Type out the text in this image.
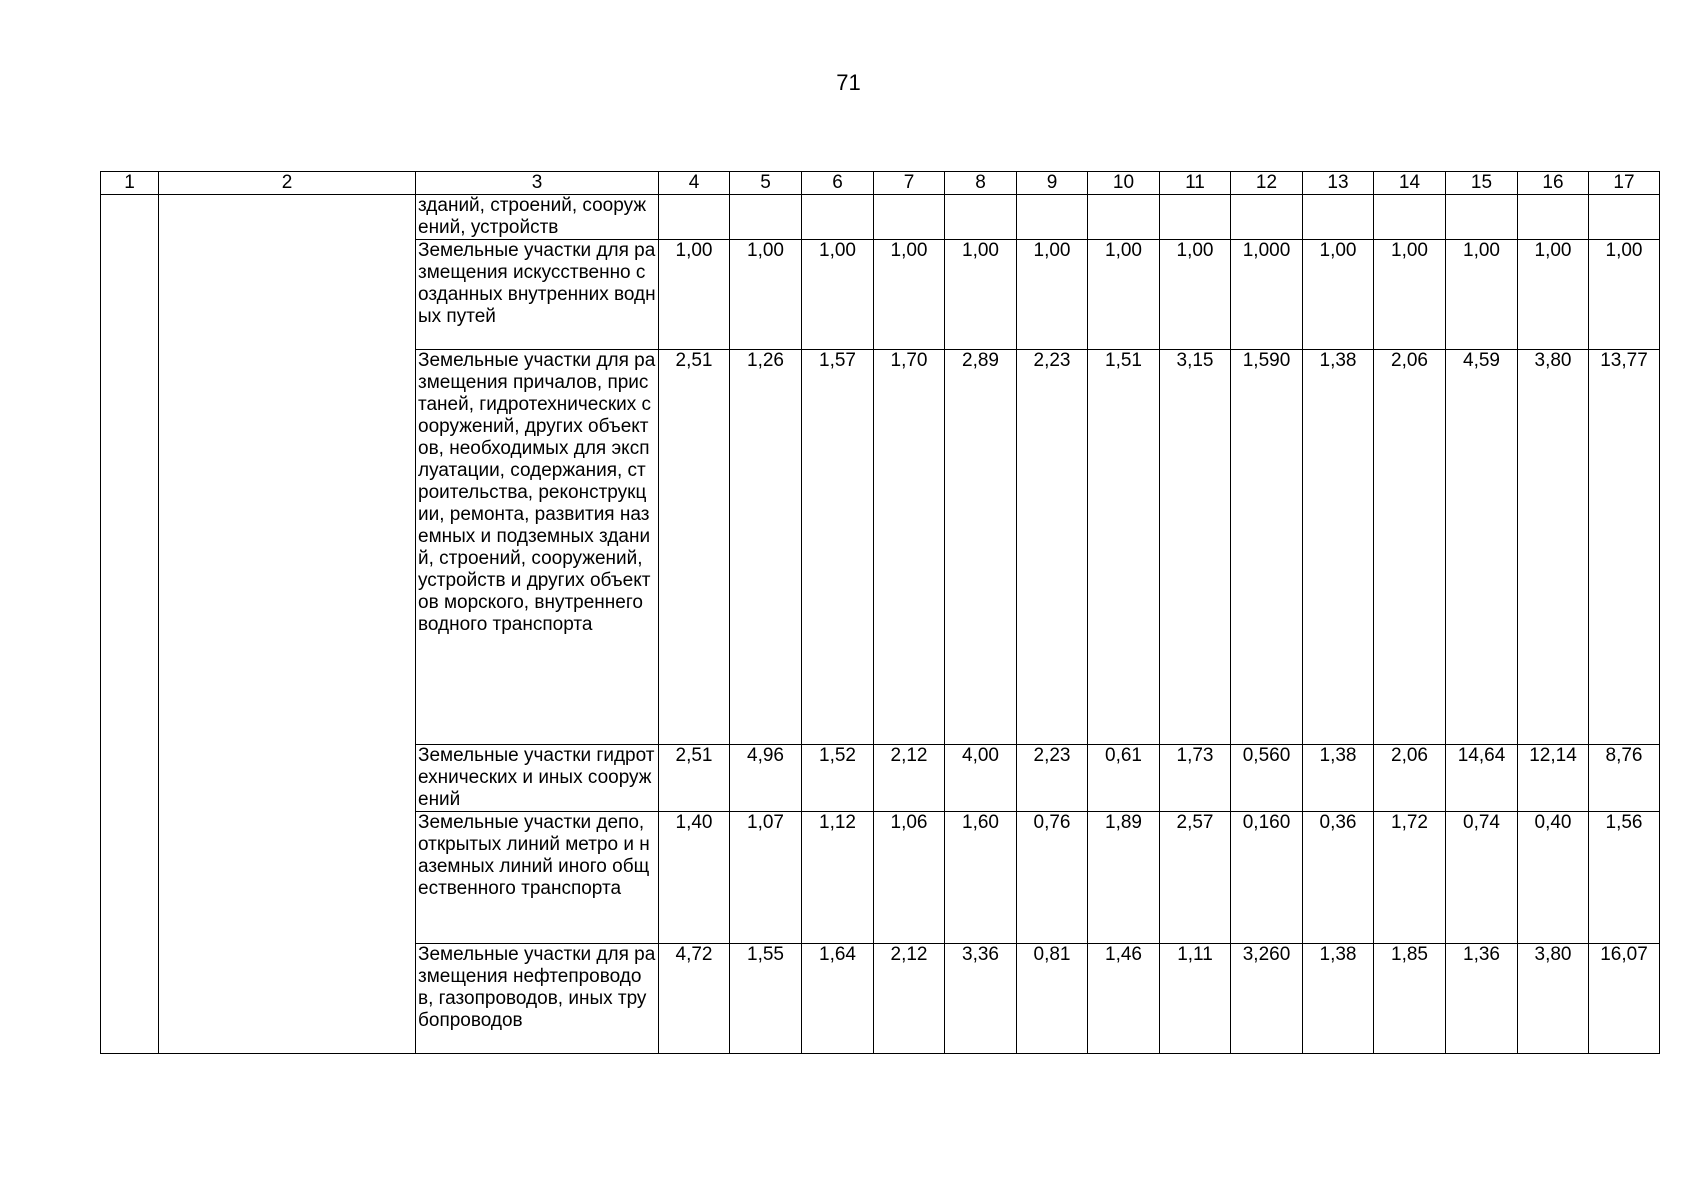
71
1	2	3	4	5	6	7	8	9	10	11	12	13	14	15	16	17
		зданий, строений, сооружений, устройств														
		Земельные участки для размещения искусственно созданных внутренних водных путей	1,00	1,00	1,00	1,00	1,00	1,00	1,00	1,00	1,000	1,00	1,00	1,00	1,00	1,00
		Земельные участки для размещения причалов, пристаней, гидротехнических сооружений, других объектов, необходимых для эксплуатации, содержания, строительства, реконструкции, ремонта, развития наземных и подземных зданий, строений, сооружений, устройств и других объектов морского, внутреннего водного транспорта	2,51	1,26	1,57	1,70	2,89	2,23	1,51	3,15	1,590	1,38	2,06	4,59	3,80	13,77
		Земельные участки гидротехнических и иных сооружений	2,51	4,96	1,52	2,12	4,00	2,23	0,61	1,73	0,560	1,38	2,06	14,64	12,14	8,76
		Земельные участки депо, открытых линий метро и наземных линий иного общественного транспорта	1,40	1,07	1,12	1,06	1,60	0,76	1,89	2,57	0,160	0,36	1,72	0,74	0,40	1,56
		Земельные участки для размещения нефтепроводов, газопроводов, иных трубопроводов	4,72	1,55	1,64	2,12	3,36	0,81	1,46	1,11	3,260	1,38	1,85	1,36	3,80	16,07
